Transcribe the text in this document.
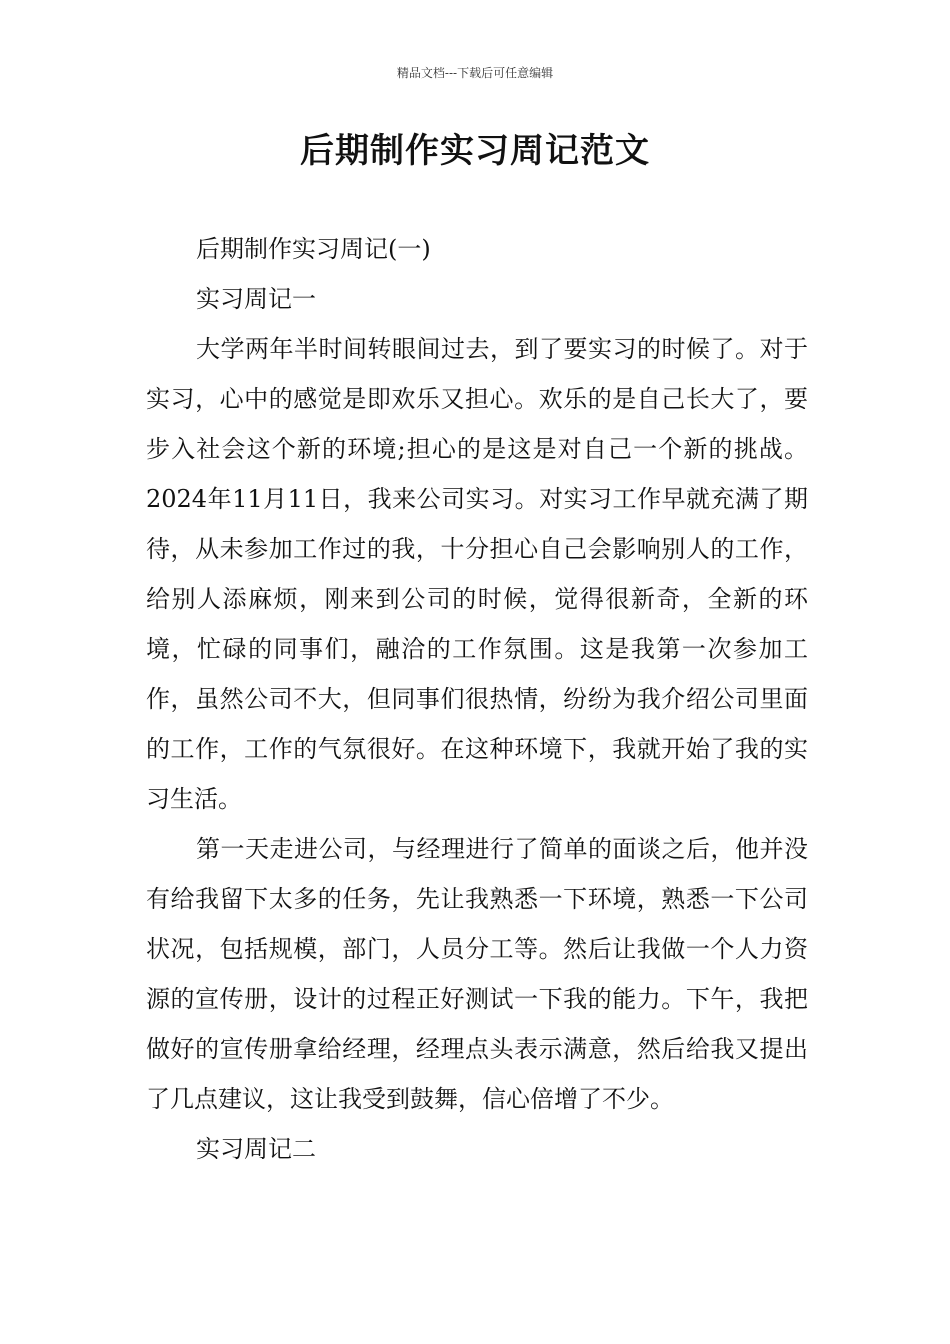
精品文档---下载后可任意编辑
后期制作实习周记范文

后期制作实习周记(一)

实习周记一

大学两年半时间转眼间过去，到了要实习的时候了。对于实习，心中的感觉是即欢乐又担心。欢乐的是自己长大了，要步入社会这个新的环境;担心的是这是对自己一个新的挑战。2024年11月11日，我来公司实习。对实习工作早就充满了期待，从未参加工作过的我，十分担心自己会影响别人的工作，给别人添麻烦，刚来到公司的时候，觉得很新奇，全新的环境，忙碌的同事们，融洽的工作氛围。这是我第一次参加工作，虽然公司不大，但同事们很热情，纷纷为我介绍公司里面的工作，工作的气氛很好。在这种环境下，我就开始了我的实习生活。

第一天走进公司，与经理进行了简单的面谈之后，他并没有给我留下太多的任务，先让我熟悉一下环境，熟悉一下公司状况，包括规模，部门，人员分工等。然后让我做一个人力资源的宣传册，设计的过程正好测试一下我的能力。下午，我把做好的宣传册拿给经理，经理点头表示满意，然后给我又提出了几点建议，这让我受到鼓舞，信心倍增了不少。

实习周记二
